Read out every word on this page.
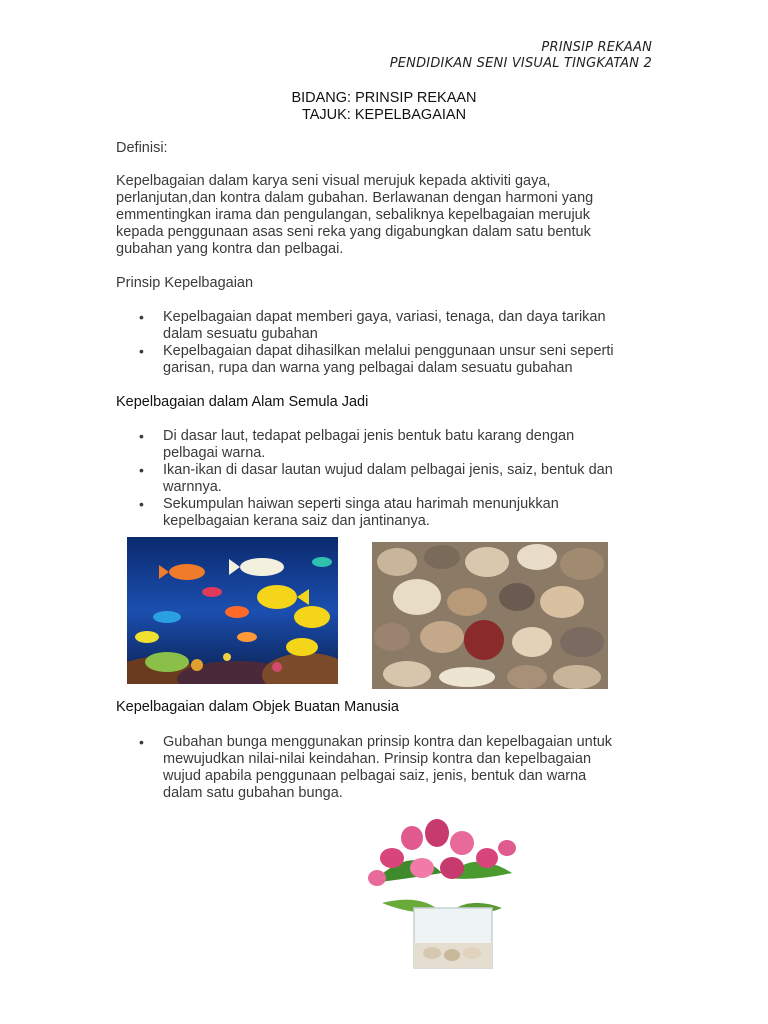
PRINSIP REKAAN
PENDIDIKAN SENI VISUAL TINGKATAN 2
BIDANG: PRINSIP REKAAN
TAJUK: KEPELBAGAIAN
Definisi:
Kepelbagaian dalam karya seni visual merujuk kepada aktiviti gaya,
perlanjutan,dan kontra dalam gubahan. Berlawanan dengan harmoni yang
emmentingkan irama dan pengulangan, sebaliknya kepelbagaian merujuk
kepada penggunaan asas seni reka yang digabungkan dalam satu bentuk
gubahan yang kontra dan pelbagai.
Prinsip Kepelbagaian
• Kepelbagaian dapat memberi gaya, variasi, tenaga, dan daya tarikan
dalam sesuatu gubahan
• Kepelbagaian dapat dihasilkan melalui penggunaan unsur seni seperti
garisan, rupa dan warna yang pelbagai dalam sesuatu gubahan
Kepelbagaian dalam Alam Semula Jadi
• Di dasar laut, tedapat pelbagai jenis bentuk batu karang dengan
pelbagai warna.
• Ikan-ikan di dasar lautan wujud dalam pelbagai jenis, saiz, bentuk dan
warnnya.
• Sekumpulan haiwan seperti singa atau harimah menunjukkan
kepelbagaian kerana saiz dan jantinanya.
Kepelbagaian dalam Objek Buatan Manusia
• Gubahan bunga menggunakan prinsip kontra dan kepelbagaian untuk
mewujudkan nilai-nilai keindahan. Prinsip kontra dan kepelbagaian
wujud apabila penggunaan pelbagai saiz, jenis, bentuk dan warna
dalam satu gubahan bunga.
